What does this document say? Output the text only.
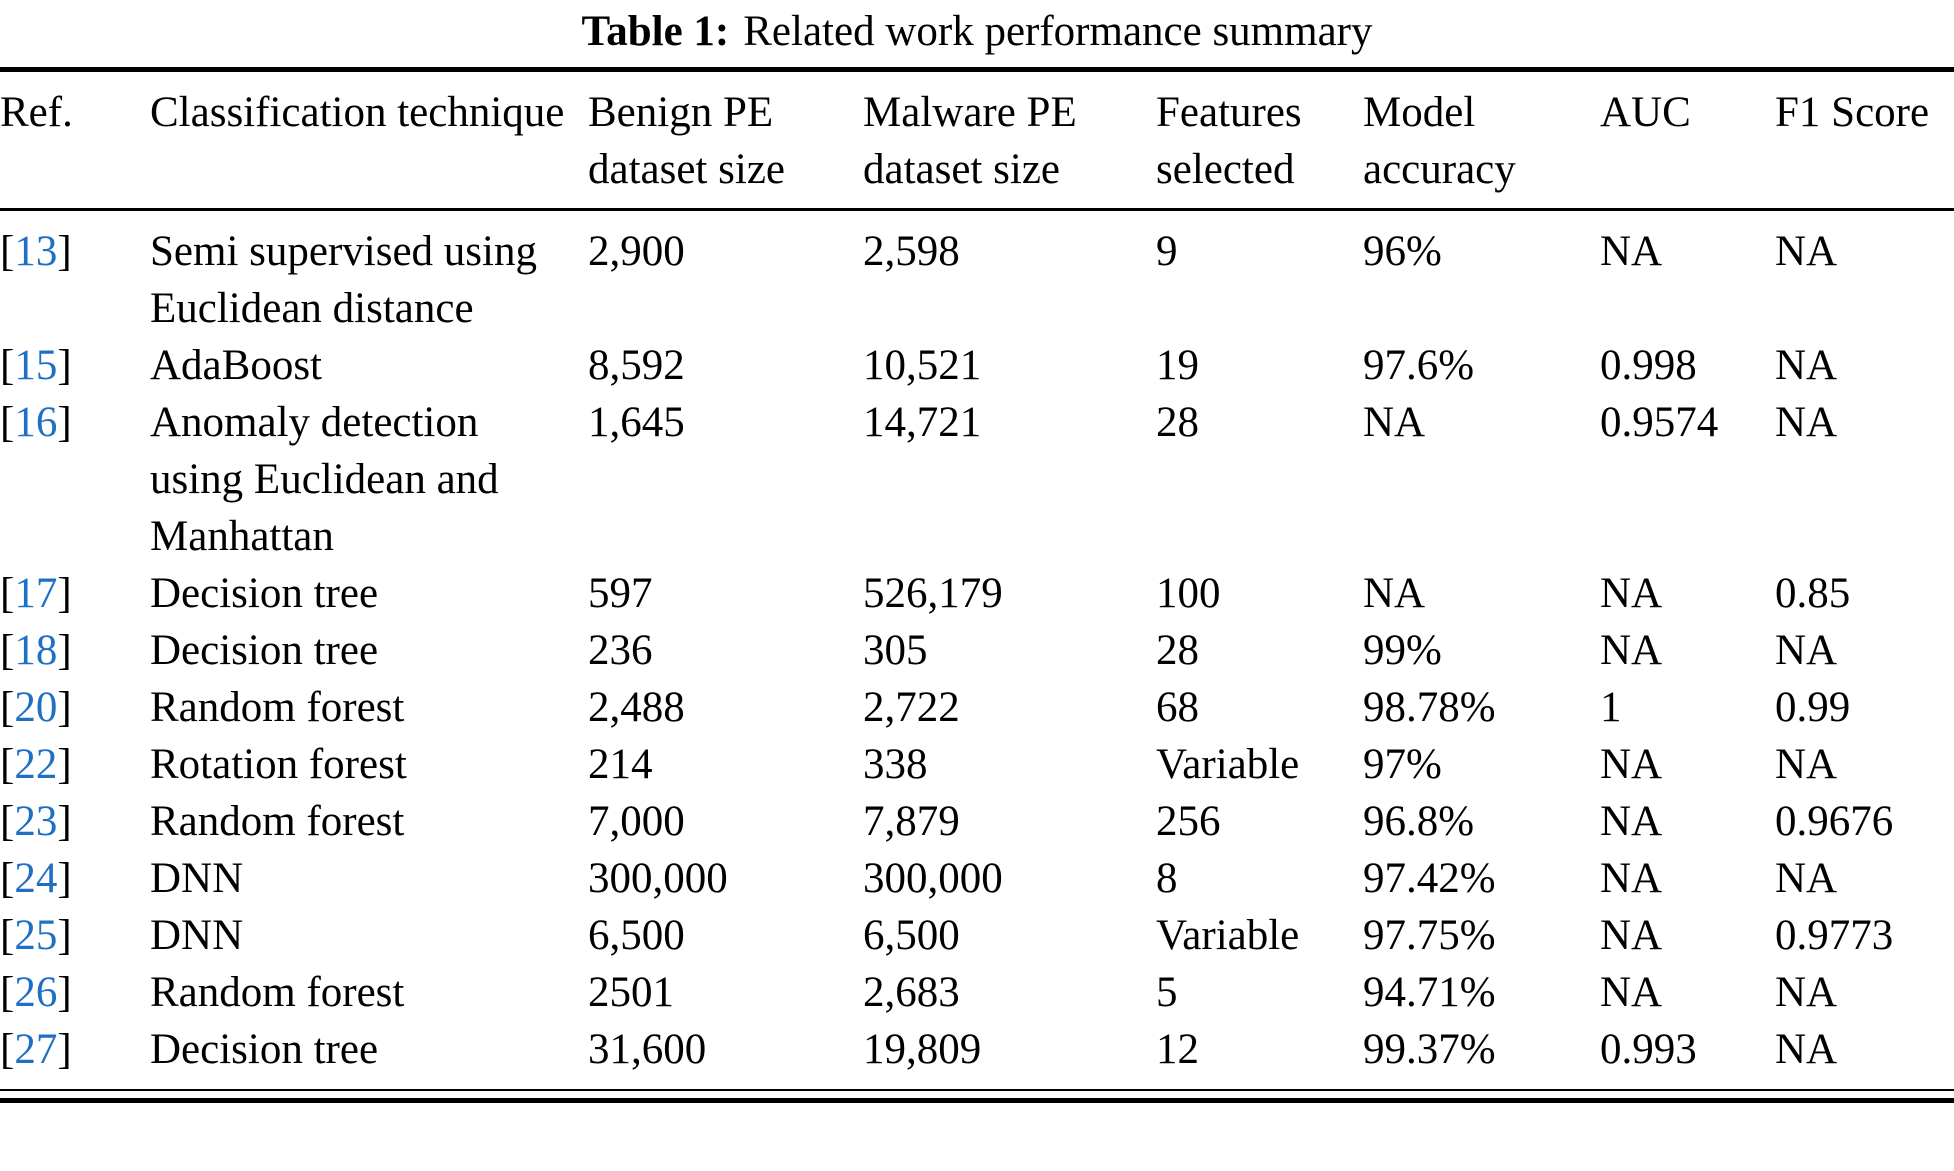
Table 1: Related work performance summary
Ref.	Classification technique	Benign PE dataset size	Malware PE dataset size	Features selected	Model accuracy	AUC	F1 Score
[13]	Semi supervised using Euclidean distance	2,900	2,598	9	96%	NA	NA
[15]	AdaBoost	8,592	10,521	19	97.6%	0.998	NA
[16]	Anomaly detection using Euclidean and Manhattan	1,645	14,721	28	NA	0.9574	NA
[17]	Decision tree	597	526,179	100	NA	NA	0.85
[18]	Decision tree	236	305	28	99%	NA	NA
[20]	Random forest	2,488	2,722	68	98.78%	1	0.99
[22]	Rotation forest	214	338	Variable	97%	NA	NA
[23]	Random forest	7,000	7,879	256	96.8%	NA	0.9676
[24]	DNN	300,000	300,000	8	97.42%	NA	NA
[25]	DNN	6,500	6,500	Variable	97.75%	NA	0.9773
[26]	Random forest	2501	2,683	5	94.71%	NA	NA
[27]	Decision tree	31,600	19,809	12	99.37%	0.993	NA
